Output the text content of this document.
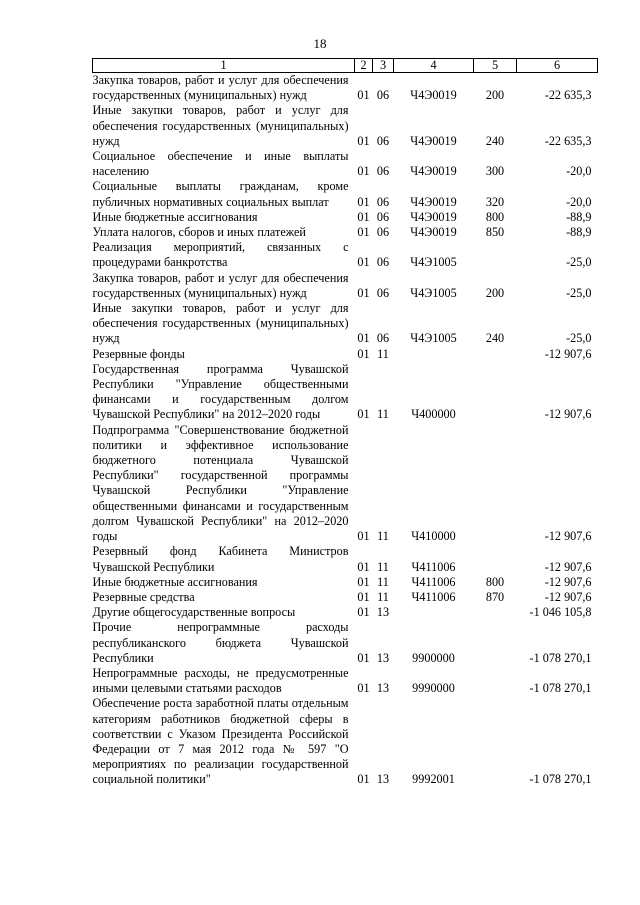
18
1	2	3	4	5	6
Закупка товаров, работ и услуг для обеспечения государственных (муниципальных) нужд	01	06	Ч4Э0019	200	-22 635,3
Иные закупки товаров, работ и услуг для обеспечения государственных (муниципальных) нужд	01	06	Ч4Э0019	240	-22 635,3
Социальное обеспечение и иные выплаты населению	01	06	Ч4Э0019	300	-20,0
Социальные выплаты гражданам, кроме публичных нормативных социальных выплат	01	06	Ч4Э0019	320	-20,0
Иные бюджетные ассигнования	01	06	Ч4Э0019	800	-88,9
Уплата налогов, сборов и иных платежей	01	06	Ч4Э0019	850	-88,9
Реализация мероприятий, связанных с процедурами банкротства	01	06	Ч4Э1005		-25,0
Закупка товаров, работ и услуг для обеспечения государственных (муниципальных) нужд	01	06	Ч4Э1005	200	-25,0
Иные закупки товаров, работ и услуг для обеспечения государственных (муниципальных) нужд	01	06	Ч4Э1005	240	-25,0
Резервные фонды	01	11			-12 907,6
Государственная программа Чувашской Республики "Управление общественными финансами и государственным долгом Чувашской Республики" на 2012–2020 годы	01	11	Ч400000		-12 907,6
Подпрограмма "Совершенствование бюджетной политики и эффективное использование бюджетного потенциала Чувашской Республики" государственной программы Чувашской Республики "Управление общественными финансами и государственным долгом Чувашской Республики" на 2012–2020 годы	01	11	Ч410000		-12 907,6
Резервный фонд Кабинета Министров Чувашской Республики	01	11	Ч411006		-12 907,6
Иные бюджетные ассигнования	01	11	Ч411006	800	-12 907,6
Резервные средства	01	11	Ч411006	870	-12 907,6
Другие общегосударственные вопросы	01	13			-1 046 105,8
Прочие непрограммные расходы республиканского бюджета Чувашской Республики	01	13	9900000		-1 078 270,1
Непрограммные расходы, не предусмотренные иными целевыми статьями расходов	01	13	9990000		-1 078 270,1
Обеспечение роста заработной платы отдельным категориям работников бюджетной сферы в соответствии с Указом Президента Российской Федерации от 7 мая 2012 года № 597 "О мероприятиях по реализации государственной социальной политики"	01	13	9992001		-1 078 270,1
